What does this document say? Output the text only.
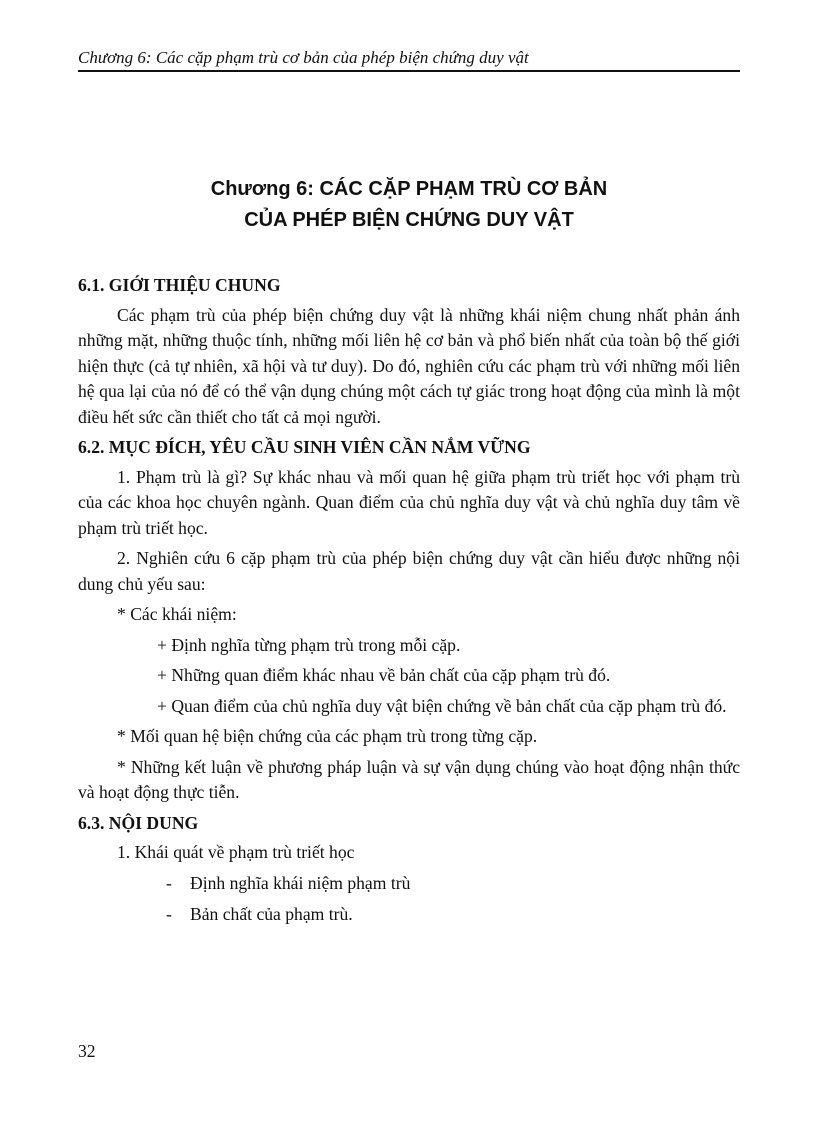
Chương 6: Các cặp phạm trù cơ bản của phép biện chứng duy vật
Chương 6: CÁC CẶP PHẠM TRÙ CƠ BẢN
CỦA PHÉP BIỆN CHỨNG DUY VẬT
6.1. GIỚI THIỆU CHUNG

Các phạm trù của phép biện chứng duy vật là những khái niệm chung nhất phản ánh những mặt, những thuộc tính, những mối liên hệ cơ bản và phổ biến nhất của toàn bộ thế giới hiện thực (cả tự nhiên, xã hội và tư duy). Do đó, nghiên cứu các phạm trù với những mối liên hệ qua lại của nó để có thể vận dụng chúng một cách tự giác trong hoạt động của mình là một điều hết sức cần thiết cho tất cả mọi người.

6.2. MỤC ĐÍCH, YÊU CẦU SINH VIÊN CẦN NẮM VỮNG

1. Phạm trù là gì? Sự khác nhau và mối quan hệ giữa phạm trù triết học với phạm trù của các khoa học chuyên ngành. Quan điểm của chủ nghĩa duy vật và chủ nghĩa duy tâm về phạm trù triết học.

2. Nghiên cứu 6 cặp phạm trù của phép biện chứng duy vật cần hiểu được những nội dung chủ yếu sau:

* Các khái niệm:

+ Định nghĩa từng phạm trù trong mỗi cặp.

+ Những quan điểm khác nhau về bản chất của cặp phạm trù đó.

+ Quan điểm của chủ nghĩa duy vật biện chứng về bản chất của cặp phạm trù đó.

* Mối quan hệ biện chứng của các phạm trù trong từng cặp.

* Những kết luận về phương pháp luận và sự vận dụng chúng vào hoạt động nhận thức và hoạt động thực tiễn.

6.3. NỘI DUNG

1. Khái quát về phạm trù triết học

- Định nghĩa khái niệm phạm trù
- Bản chất của phạm trù.
32
